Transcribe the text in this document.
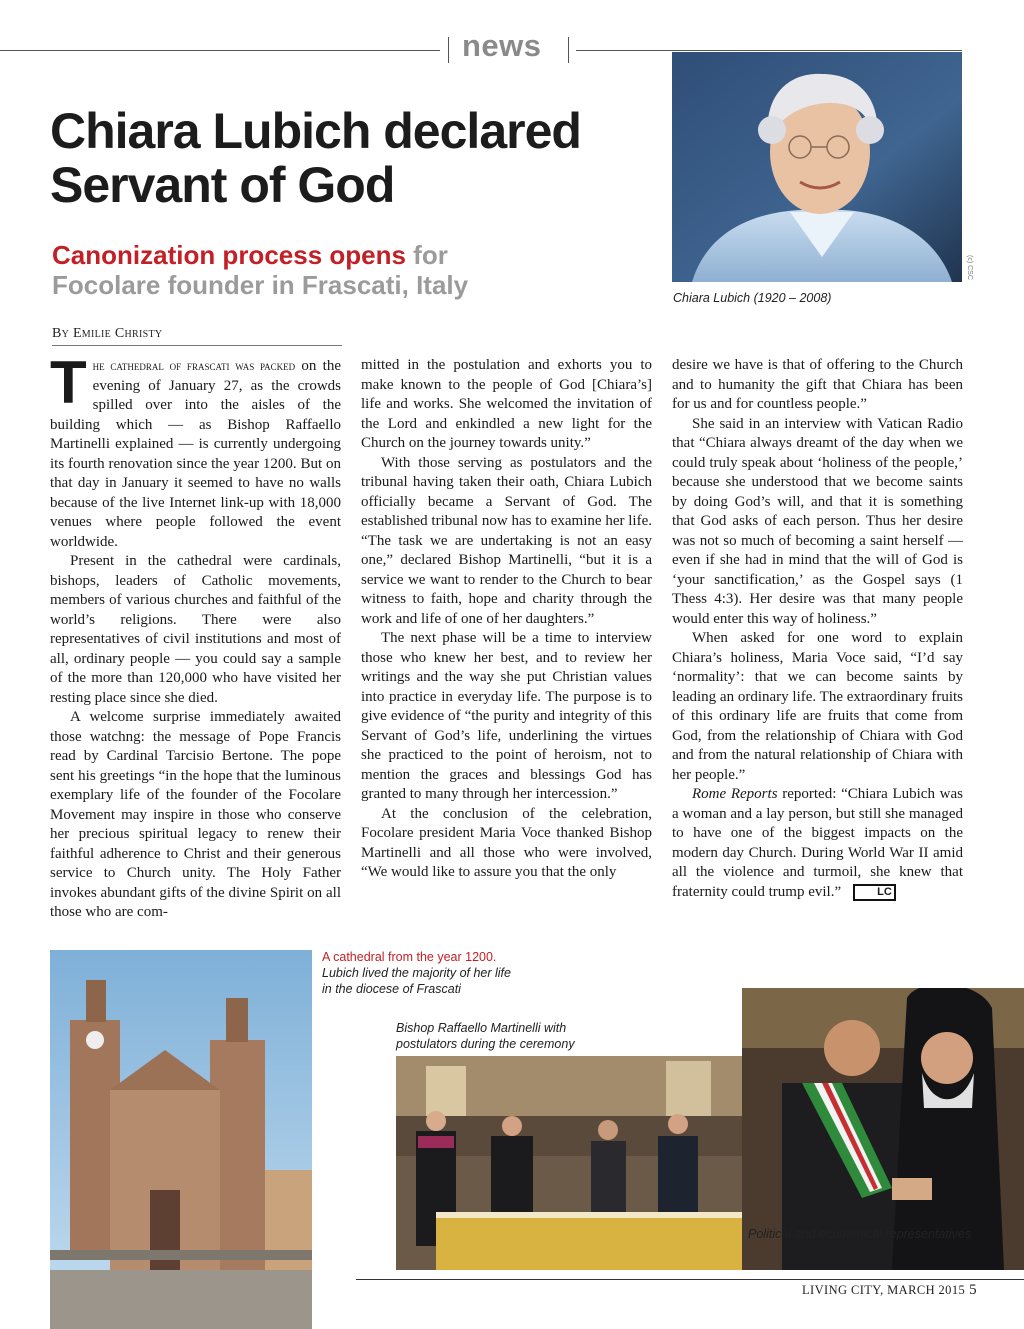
news
Chiara Lubich declared
Servant of God
Canonization process opens for
Focolare founder in Frascati, Italy
(c) CSC
Chiara Lubich (1920 – 2008)
By Emilie Christy

The cathedral of frascati was packed on the evening of January 27, as the crowds spilled over into the aisles of the building which — as Bishop Raffaello Martinelli explained — is currently undergoing its fourth renovation since the year 1200. But on that day in January it seemed to have no walls because of the live Internet link-up with 18,000 venues where people followed the event worldwide.

Present in the cathedral were cardinals, bishops, leaders of Catholic movements, members of various churches and faithful of the world’s religions. There were also representatives of civil institutions and most of all, ordinary people — you could say a sample of the more than 120,000 who have visited her resting place since she died.

A welcome surprise immediately awaited those watchng: the message of Pope Francis read by Cardinal Tarcisio Bertone. The pope sent his greetings “in the hope that the luminous exemplary life of the founder of the Focolare Movement may inspire in those who conserve her precious spiritual legacy to renew their faithful adherence to Christ and their generous service to Church unity. The Holy Father invokes abundant gifts of the divine Spirit on all those who are com-

mitted in the postulation and exhorts you to make known to the people of God [Chiara’s] life and works. She welcomed the invitation of the Lord and enkindled a new light for the Church on the journey towards unity.”

With those serving as postulators and the tribunal having taken their oath, Chiara Lubich officially became a Servant of God. The established tribunal now has to examine her life. “The task we are undertaking is not an easy one,” declared Bishop Martinelli, “but it is a service we want to render to the Church to bear witness to faith, hope and charity through the work and life of one of her daughters.”

The next phase will be a time to interview those who knew her best, and to review her writings and the way she put Christian values into practice in everyday life. The purpose is to give evidence of “the purity and integrity of this Servant of God’s life, underlining the virtues she practiced to the point of heroism, not to mention the graces and blessings God has granted to many through her intercession.”

At the conclusion of the celebration, Focolare president Maria Voce thanked Bishop Martinelli and all those who were involved, “We would like to assure you that the only

desire we have is that of offering to the Church and to humanity the gift that Chiara has been for us and for countless people.”

She said in an interview with Vatican Radio that “Chiara always dreamt of the day when we could truly speak about ‘holiness of the people,’ because she understood that we become saints by doing God’s will, and that it is something that God asks of each person. Thus her desire was not so much of becoming a saint herself — even if she had in mind that the will of God is ‘your sanctification,’ as the Gospel says (1 Thess 4:3). Her desire was that many people would enter this way of holiness.”

When asked for one word to explain Chiara’s holiness, Maria Voce said, “I’d say ‘normality’: that we can become saints by leading an ordinary life. The extraordinary fruits of this ordinary life are fruits that come from God, from the relationship of Chiara with God and from the natural relationship of Chiara with her people.”

Rome Reports reported: “Chiara Lubich was a woman and a lay person, but still she managed to have one of the biggest impacts on the modern day Church. During World War II amid all the violence and turmoil, she knew that fraternity could trump evil.”	LC

A cathedral from the year 1200.
Lubich lived the majority of her life
in the diocese of Frascati
Bishop Raffaello Martinelli with
postulators during the ceremony
Political and ecumenical representatives
LIVING CITY, MARCH 2015 5
